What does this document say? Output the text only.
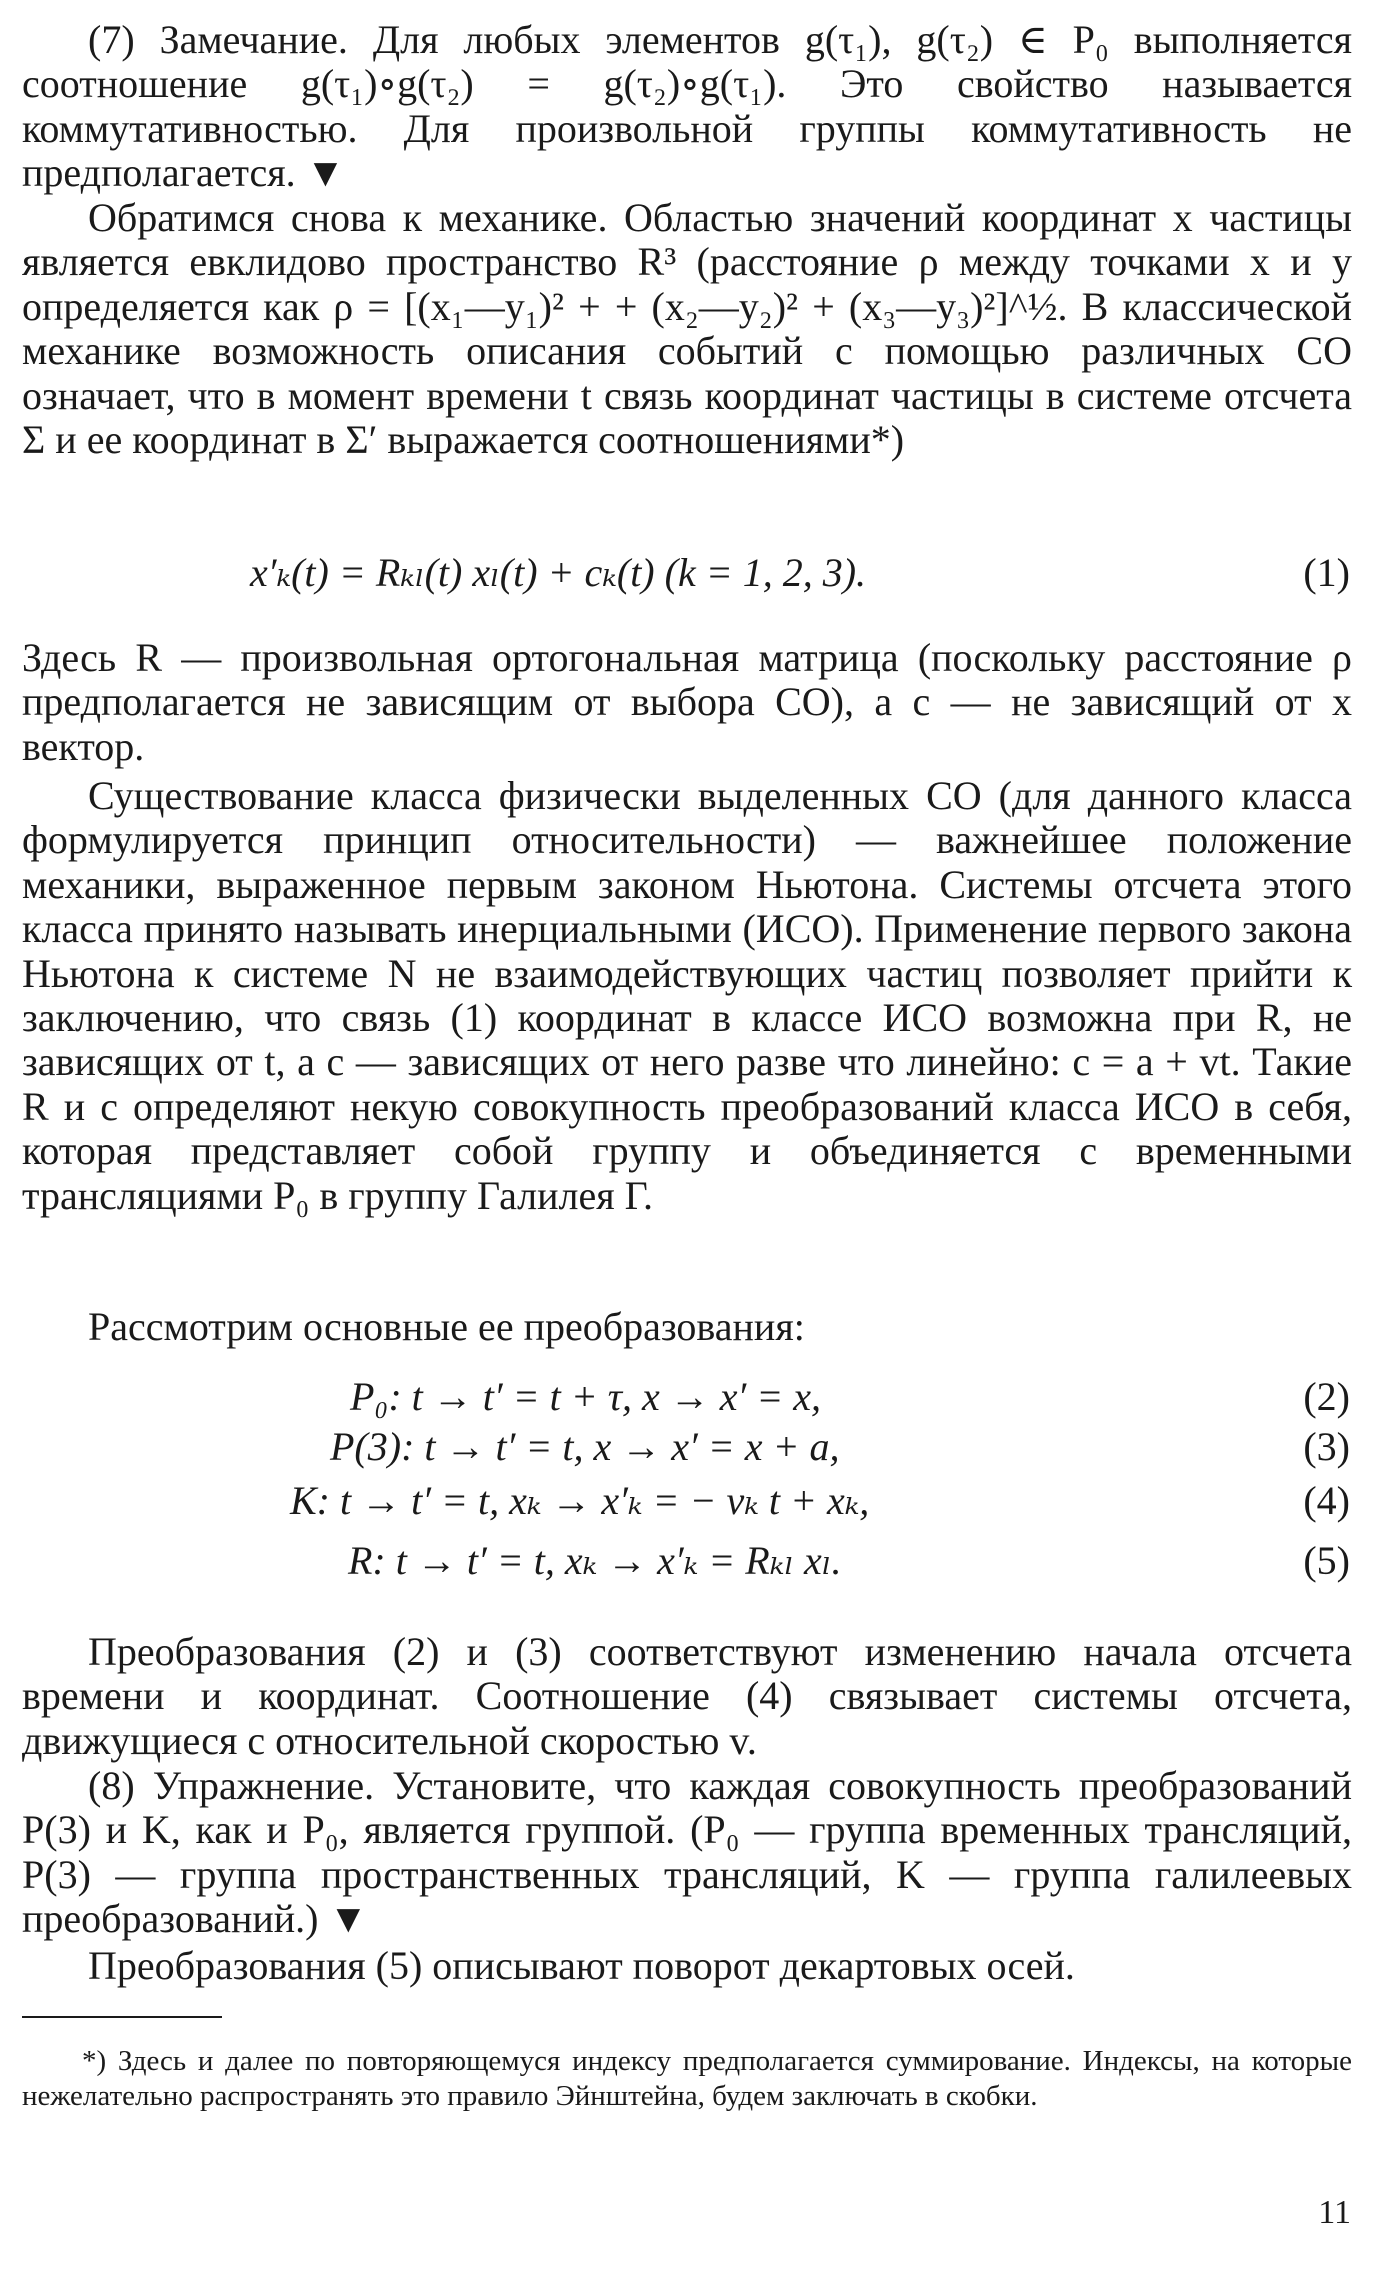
(7) Замечание. Для любых элементов g(τ₁), g(τ₂) ∈ P₀ выполняется соотношение g(τ₁)∘g(τ₂) = g(τ₂)∘g(τ₁). Это свойство называется коммутативностью. Для произвольной группы коммутативность не предполагается. ▼

Обратимся снова к механике. Областью значений координат x частицы является евклидово пространство R³ (расстояние ρ между точками x и y определяется как ρ = [(x₁—y₁)² + + (x₂—y₂)² + (x₃—y₃)²]^½. В классической механике возможность описания событий с помощью различных СО означает, что в момент времени t связь координат частицы в системе отсчета Σ и ее координат в Σ′ выражается соотношениями*)

x′ₖ(t) = Rₖₗ(t) xₗ(t) + cₖ(t) (k = 1, 2, 3).	(1)

Здесь R — произвольная ортогональная матрица (поскольку расстояние ρ предполагается не зависящим от выбора СО), а c — не зависящий от x вектор.

Существование класса физически выделенных СО (для данного класса формулируется принцип относительности) — важнейшее положение механики, выраженное первым законом Ньютона. Системы отсчета этого класса принято называть инерциальными (ИСО). Применение первого закона Ньютона к системе N не взаимодействующих частиц позволяет прийти к заключению, что связь (1) координат в классе ИСО возможна при R, не зависящих от t, а c — зависящих от него разве что линейно: c = a + vt. Такие R и c определяют некую совокупность преобразований класса ИСО в себя, которая представляет собой группу и объединяется с временными трансляциями P₀ в группу Галилея Γ.

Рассмотрим основные ее преобразования:

P₀: t → t′ = t + τ, x → x′ = x,	(2)
P(3): t → t′ = t, x → x′ = x + a,	(3)
K: t → t′ = t, xₖ → x′ₖ = − vₖ t + xₖ,	(4)
R: t → t′ = t, xₖ → x′ₖ = Rₖₗ xₗ.	(5)

Преобразования (2) и (3) соответствуют изменению начала отсчета времени и координат. Соотношение (4) связывает системы отсчета, движущиеся с относительной скоростью v.

(8) Упражнение. Установите, что каждая совокупность преобразований P(3) и K, как и P₀, является группой. (P₀ — группа временных трансляций, P(3) — группа пространственных трансляций, K — группа галилеевых преобразований.) ▼

Преобразования (5) описывают поворот декартовых осей.

*) Здесь и далее по повторяющемуся индексу предполагается суммирование. Индексы, на которые нежелательно распространять это правило Эйнштейна, будем заключать в скобки.

11
